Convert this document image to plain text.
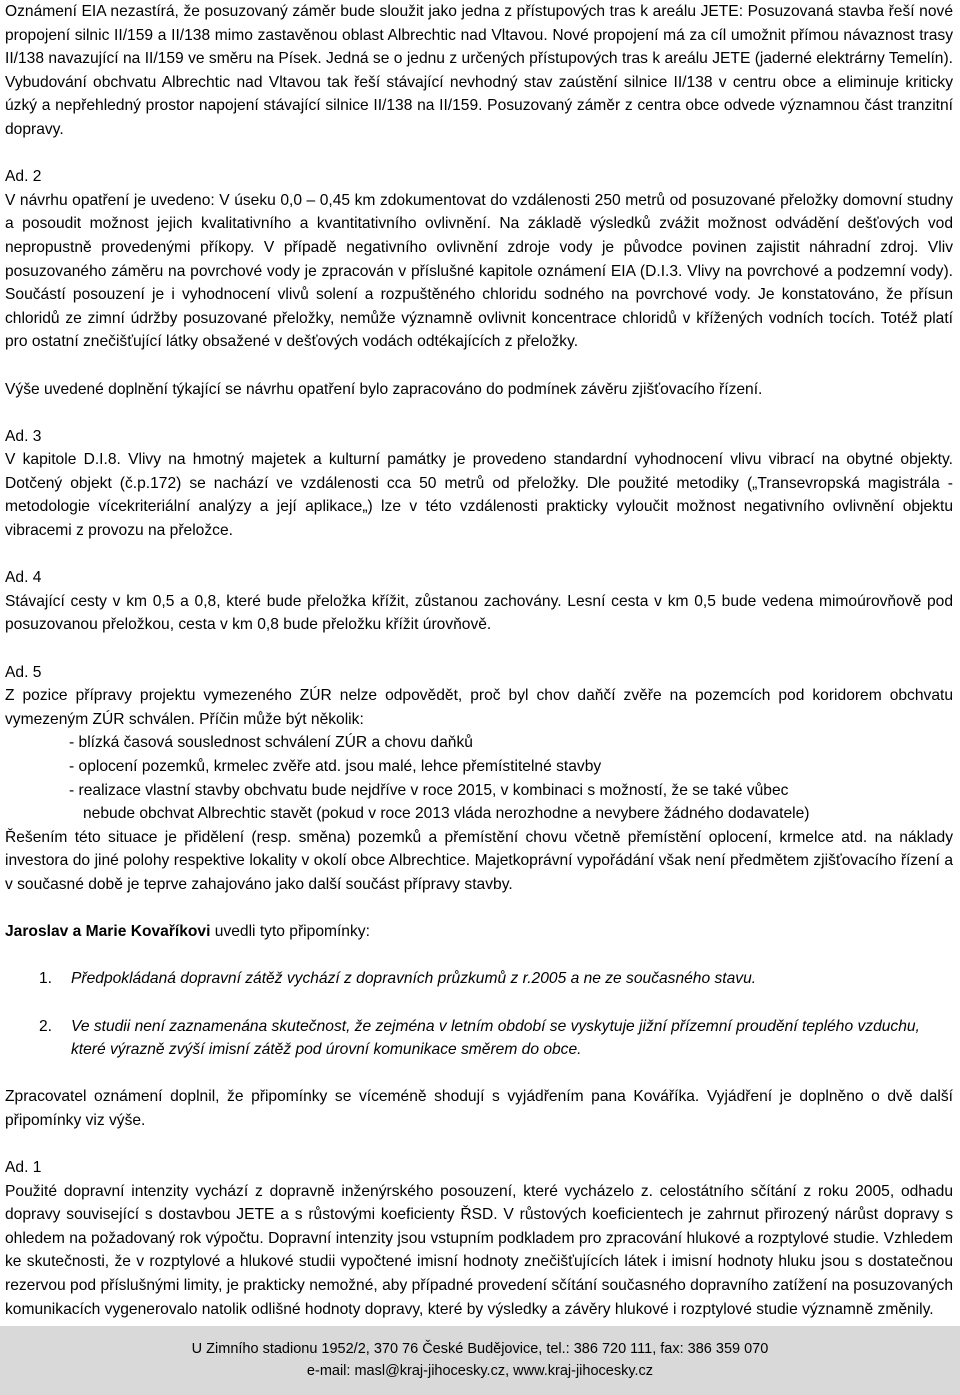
Oznámení EIA nezastírá, že posuzovaný záměr bude sloužit jako jedna z přístupových tras k areálu JETE: Posuzovaná stavba řeší nové propojení silnic II/159 a II/138 mimo zastavěnou oblast Albrechtic nad Vltavou. Nové propojení má za cíl umožnit přímou návaznost trasy II/138 navazující na II/159 ve směru na Písek. Jedná se o jednu z určených přístupových tras k areálu JETE (jaderné elektrárny Temelín). Vybudování obchvatu Albrechtic nad Vltavou tak řeší stávající nevhodný stav zaústění silnice II/138 v centru obce a eliminuje kriticky úzký a nepřehledný prostor napojení stávající silnice II/138 na II/159. Posuzovaný záměr z centra obce odvede významnou část tranzitní dopravy.

Ad. 2

V návrhu opatření je uvedeno: V úseku 0,0 – 0,45 km zdokumentovat do vzdálenosti 250 metrů od posuzované přeložky domovní studny a posoudit možnost jejich kvalitativního a kvantitativního ovlivnění. Na základě výsledků zvážit možnost odvádění dešťových vod nepropustně provedenými příkopy. V případě negativního ovlivnění zdroje vody je původce povinen zajistit náhradní zdroj. Vliv posuzovaného záměru na povrchové vody je zpracován v příslušné kapitole oznámení EIA (D.I.3. Vlivy na povrchové a podzemní vody). Součástí posouzení je i vyhodnocení vlivů solení a rozpuštěného chloridu sodného na povrchové vody. Je konstatováno, že přísun chloridů ze zimní údržby posuzované přeložky, nemůže významně ovlivnit koncentrace chloridů v křížených vodních tocích. Totéž platí pro ostatní znečišťující látky obsažené v dešťových vodách odtékajících z přeložky.

Výše uvedené doplnění týkající se návrhu opatření bylo zapracováno do podmínek závěru zjišťovacího řízení.

Ad. 3

V kapitole D.I.8. Vlivy na hmotný majetek a kulturní památky je provedeno standardní vyhodnocení vlivu vibrací na obytné objekty. Dotčený objekt (č.p.172) se nachází ve vzdálenosti cca 50 metrů od přeložky. Dle použité metodiky („Transevropská magistrála - metodologie vícekriteriální analýzy a její aplikace„) lze v této vzdálenosti prakticky vyloučit možnost negativního ovlivnění objektu vibracemi z provozu na přeložce.

Ad. 4

Stávající cesty v km 0,5 a 0,8, které bude přeložka křížit, zůstanou zachovány. Lesní cesta v km 0,5 bude vedena mimoúrovňově pod posuzovanou přeložkou, cesta v km 0,8 bude přeložku křížit úrovňově.

Ad. 5

Z pozice přípravy projektu vymezeného ZÚR nelze odpovědět, proč byl chov daňčí zvěře na pozemcích pod koridorem obchvatu vymezeným ZÚR schválen. Příčin může být několik:

- blízká časová souslednost schválení ZÚR a chovu daňků
- oplocení pozemků, krmelec zvěře atd. jsou malé, lehce přemístitelné stavby
- realizace vlastní stavby obchvatu bude nejdříve v roce 2015, v kombinaci s možností, že se také vůbec
nebude obchvat Albrechtic stavět (pokud v roce 2013 vláda nerozhodne a nevybere žádného dodavatele)

Řešením této situace je přidělení (resp. směna) pozemků a přemístění chovu včetně přemístění oplocení, krmelce atd. na náklady investora do jiné polohy respektive lokality v okolí obce Albrechtice. Majetkoprávní vypořádání však není předmětem zjišťovacího řízení a v současné době je teprve zahajováno jako další součást přípravy stavby.

Jaroslav a Marie Kovaříkovi uvedli tyto připomínky:

1. Předpokládaná dopravní zátěž vychází z dopravních průzkumů z r.2005 a ne ze současného stavu.
2. Ve studii není zaznamenána skutečnost, že zejména v letním období se vyskytuje jižní přízemní proudění teplého vzduchu, které výrazně zvýší imisní zátěž pod úrovní komunikace směrem do obce.

Zpracovatel oznámení doplnil, že připomínky se víceméně shodují s vyjádřením pana Kováříka. Vyjádření je doplněno o dvě další připomínky viz výše.

Ad. 1

Použité dopravní intenzity vychází z dopravně inženýrského posouzení, které vycházelo z. celostátního sčítání z roku 2005, odhadu dopravy související s dostavbou JETE a s růstovými koeficienty ŘSD. V růstových koeficientech je zahrnut přirozený nárůst dopravy s ohledem na požadovaný rok výpočtu. Dopravní intenzity jsou vstupním podkladem pro zpracování hlukové a rozptylové studie. Vzhledem ke skutečnosti, že v rozptylové a hlukové studii vypočtené imisní hodnoty znečišťujících látek i imisní hodnoty hluku jsou s dostatečnou rezervou pod příslušnými limity, je prakticky nemožné, aby případné provedení sčítání současného dopravního zatížení na posuzovaných komunikacích vygenerovalo natolik odlišné hodnoty dopravy, které by výsledky a závěry hlukové i rozptylové studie významně změnily.

U Zimního stadionu 1952/2, 370 76 České Budějovice, tel.: 386 720 111, fax: 386 359 070
e-mail: masl@kraj-jihocesky.cz, www.kraj-jihocesky.cz
